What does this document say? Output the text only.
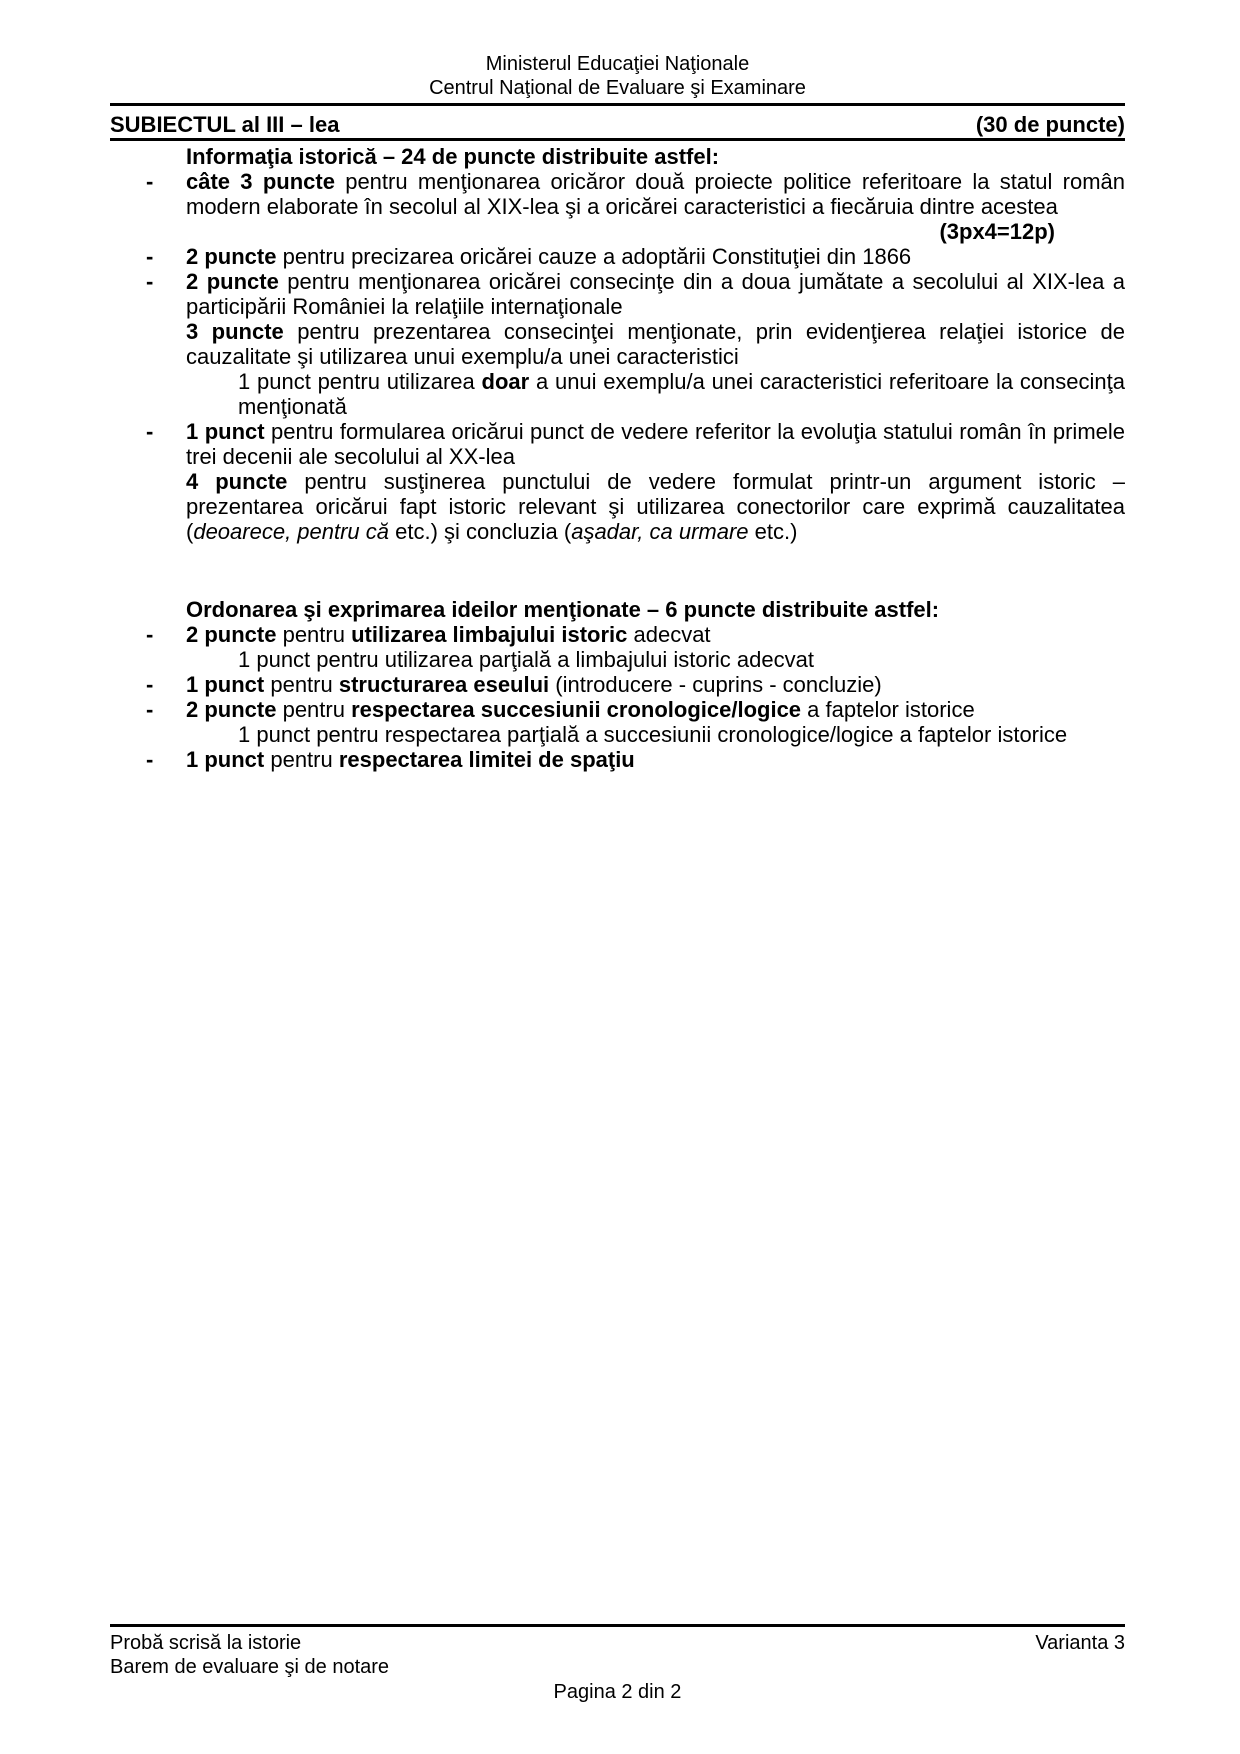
Ministerul Educaţiei Naţionale
Centrul Naţional de Evaluare şi Examinare
SUBIECTUL al III – lea	(30 de puncte)
Informaţia istorică – 24 de puncte distribuite astfel:
- câte 3 puncte pentru menţionarea oricăror două proiecte politice referitoare la statul român modern elaborate în secolul al XIX-lea şi a oricărei caracteristici a fiecăruia dintre acestea
(3px4=12p)
- 2 puncte pentru precizarea oricărei cauze a adoptării Constituţiei din 1866
- 2 puncte pentru menţionarea oricărei consecinţe din a doua jumătate a secolului al XIX-lea a participării României la relaţiile internaţionale
3 puncte pentru prezentarea consecinţei menţionate, prin evidenţierea relaţiei istorice de cauzalitate şi utilizarea unui exemplu/a unei caracteristici
1 punct pentru utilizarea doar a unui exemplu/a unei caracteristici referitoare la consecinţa menţionată
- 1 punct pentru formularea oricărui punct de vedere referitor la evoluţia statului român în primele trei decenii ale secolului al XX-lea
4 puncte pentru susţinerea punctului de vedere formulat printr-un argument istoric – prezentarea oricărui fapt istoric relevant şi utilizarea conectorilor care exprimă cauzalitatea (deoarece, pentru că etc.) şi concluzia (aşadar, ca urmare etc.)
Ordonarea şi exprimarea ideilor menţionate – 6 puncte distribuite astfel:
- 2 puncte pentru utilizarea limbajului istoric adecvat
1 punct pentru utilizarea parţială a limbajului istoric adecvat
- 1 punct pentru structurarea eseului (introducere - cuprins - concluzie)
- 2 puncte pentru respectarea succesiunii cronologice/logice a faptelor istorice
1 punct pentru respectarea parţială a succesiunii cronologice/logice a faptelor istorice
- 1 punct pentru respectarea limitei de spaţiu
Probă scrisă la istorie	Varianta 3
Barem de evaluare şi de notare
Pagina 2 din 2
